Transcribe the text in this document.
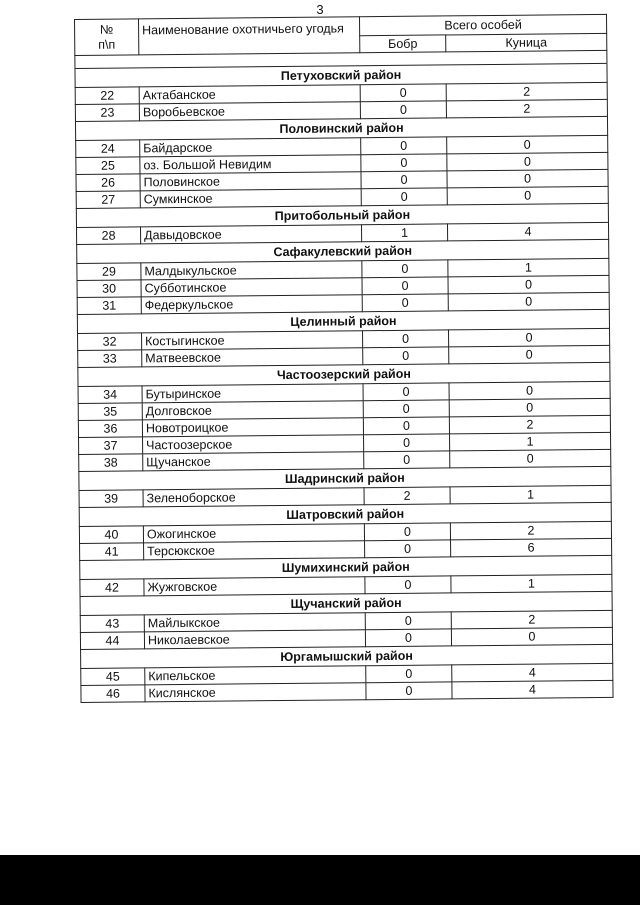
3
№
п\п	Наименование охотничьего угодья	Всего особей	
		Бобр	Куница

Петуховский район			
22	Актабанское	0	2
23	Воробьевское	0	2
Половинский район			
24	Байдарское	0	0
25	оз. Большой Невидим	0	0
26	Половинское	0	0
27	Сумкинское	0	0
Притобольный район			
28	Давыдовское	1	4
Сафакулевский район			
29	Малдыкульское	0	1
30	Субботинское	0	0
31	Федеркульское	0	0
Целинный район			
32	Костыгинское	0	0
33	Матвеевское	0	0
Частоозерский район			
34	Бутыринское	0	0
35	Долговское	0	0
36	Новотроицкое	0	2
37	Частоозерское	0	1
38	Щучанское	0	0
Шадринский район			
39	Зеленоборское	2	1
Шатровский район			
40	Ожогинское	0	2
41	Терсюкское	0	6
Шумихинский район			
42	Жужговское	0	1
Щучанский район			
43	Майлыкское	0	2
44	Николаевское	0	0
Юргамышский район			
45	Кипельское	0	4
46	Кислянское	0	4
